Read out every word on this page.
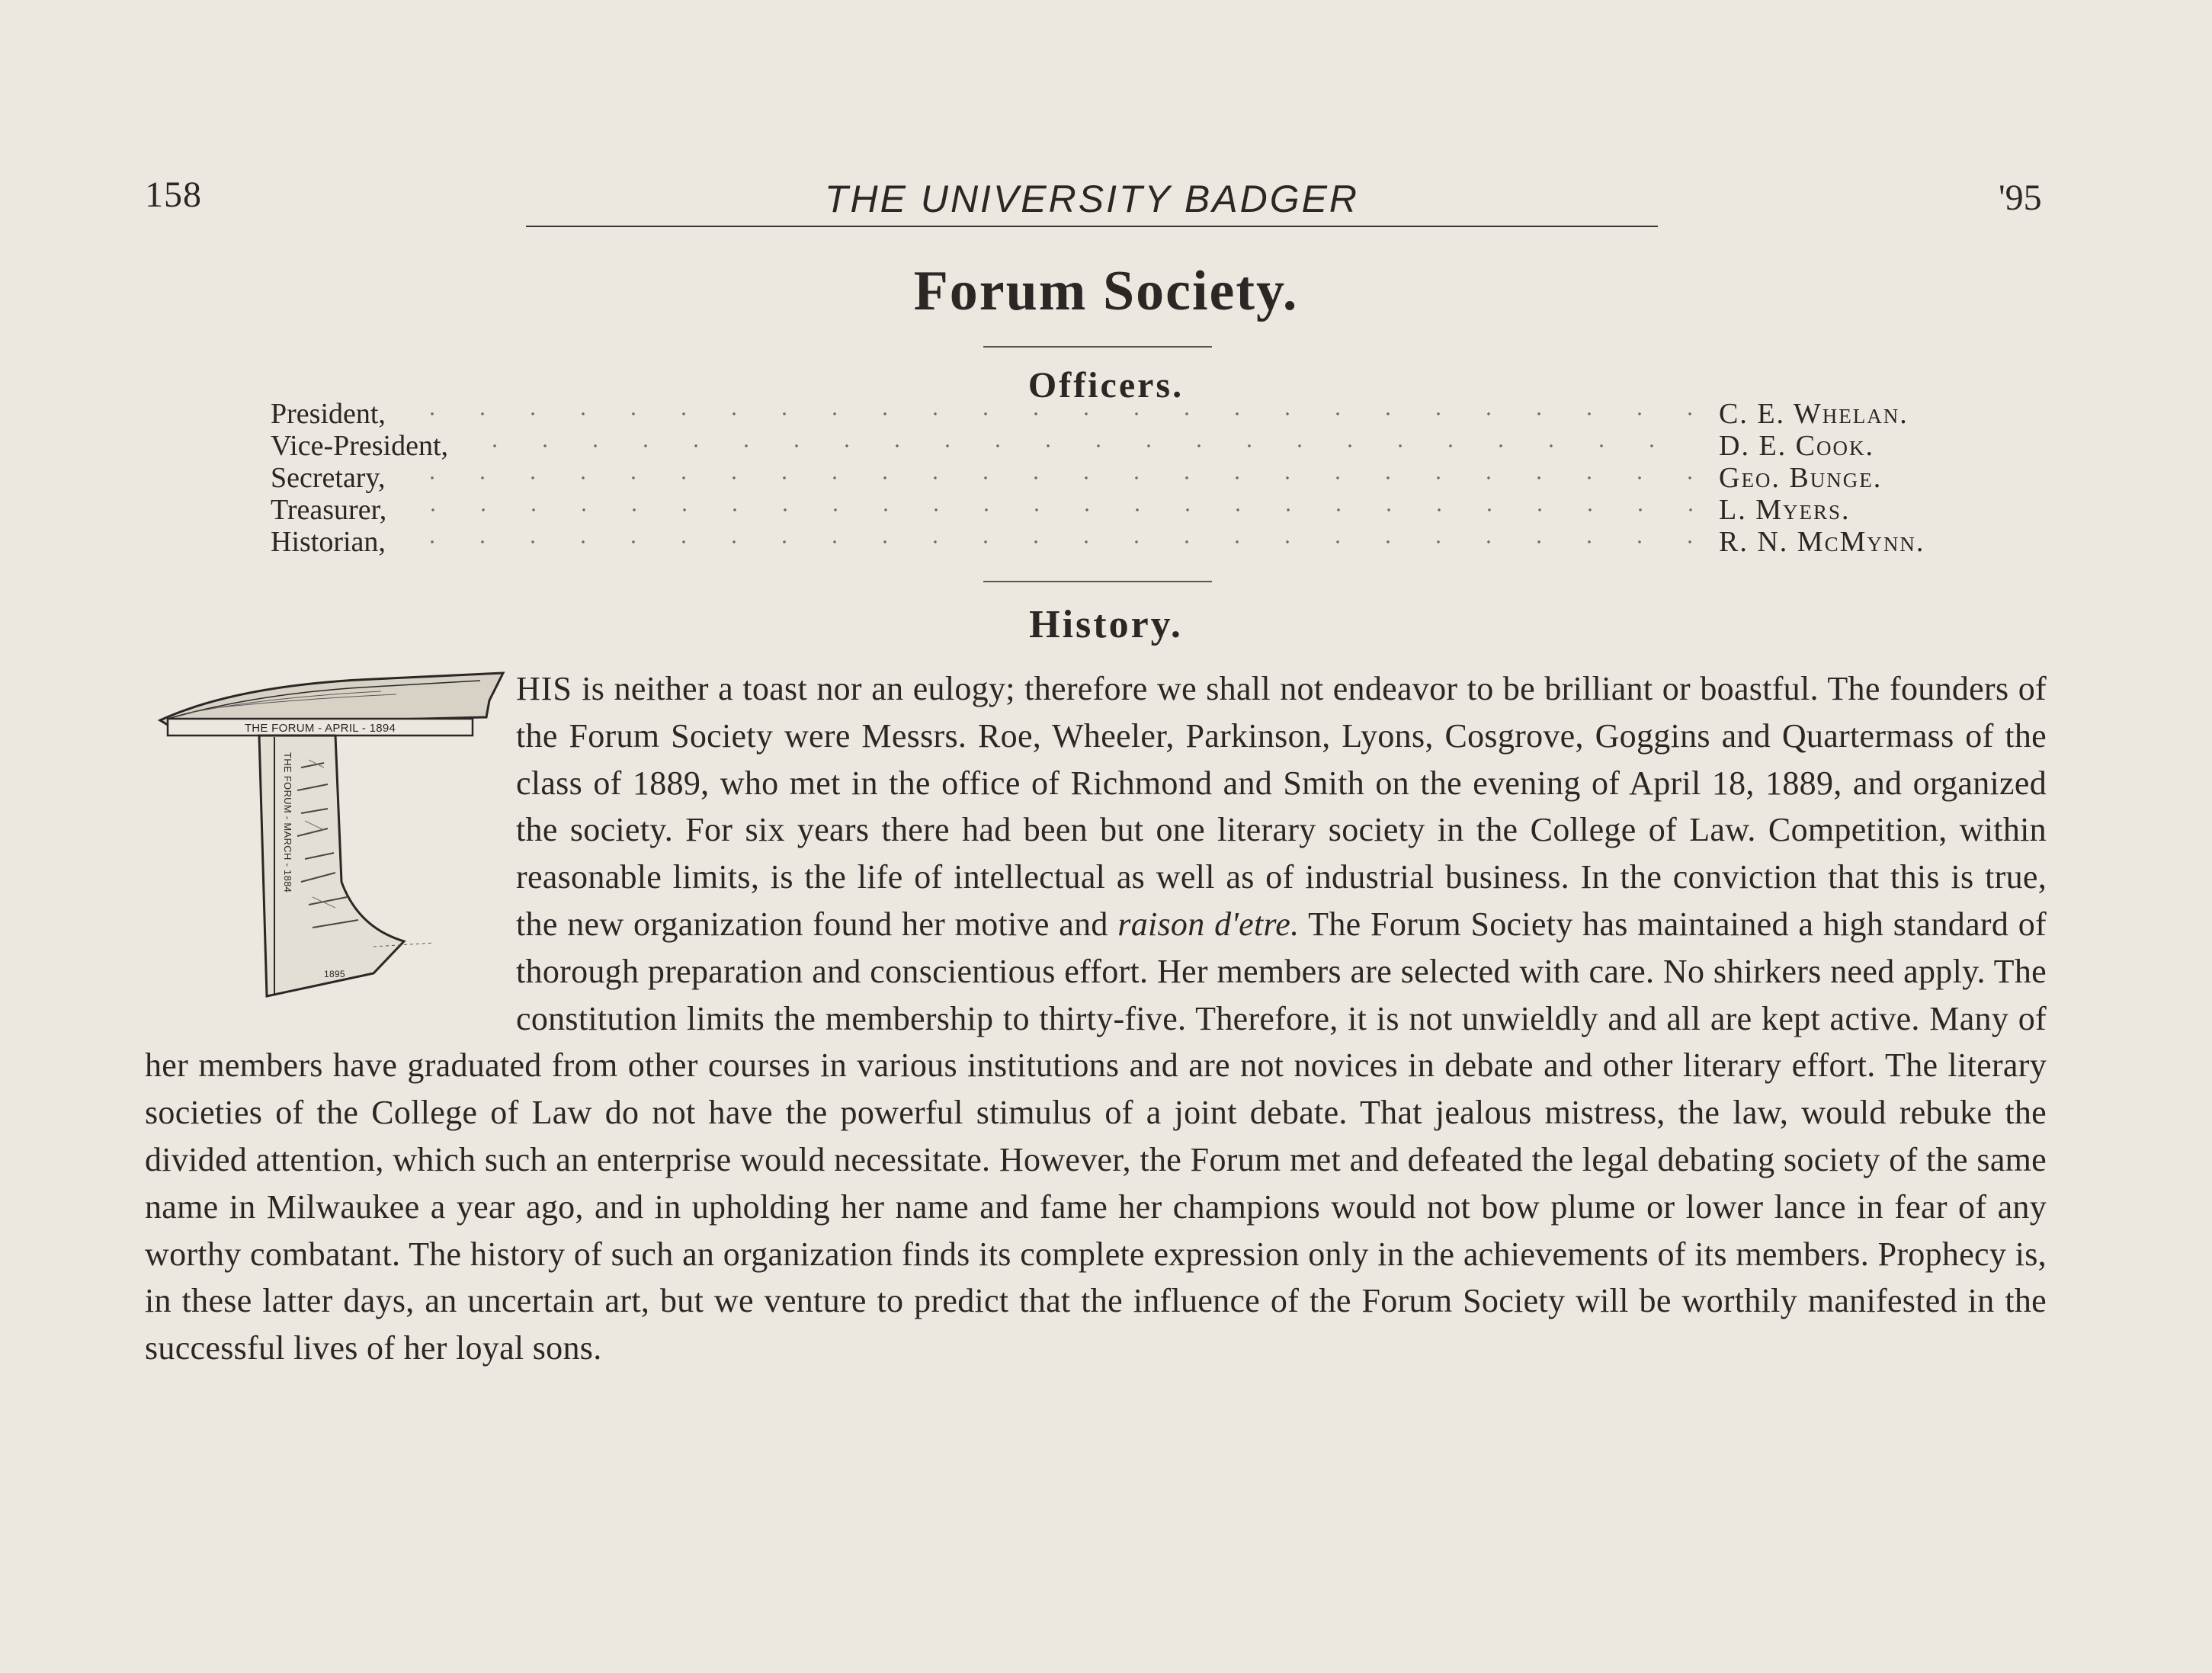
158	THE UNIVERSITY BADGER	'95
Forum Society.
Officers.
President,	C. E. Whelan.
Vice-President,	D. E. Cook.
Secretary,	Geo. Bunge.
Treasurer,	L. Myers.
Historian,	R. N. McMynn.
History.
THE FORUM - APRIL - 1894
THE FORUM - MARCH - 1884
1895
HIS is neither a toast nor an eulogy; therefore we shall not endeavor to be brilliant or boastful. The founders of the Forum Society were Messrs. Roe, Wheeler, Parkinson, Lyons, Cosgrove, Goggins and Quartermass of the class of 1889, who met in the office of Richmond and Smith on the evening of April 18, 1889, and organized the society. For six years there had been but one literary society in the College of Law. Competition, within reasonable limits, is the life of intellectual as well as of industrial business. In the conviction that this is true, the new organization found her motive and raison d'etre. The Forum Society has maintained a high standard of thorough preparation and conscientious effort. Her members are selected with care. No shirkers need apply. The constitution limits the membership to thirty-five. Therefore, it is not unwieldly and all are kept active. Many of her members have graduated from other courses in various institutions and are not novices in debate and other literary effort. The literary societies of the College of Law do not have the powerful stimulus of a joint debate. That jealous mistress, the law, would rebuke the divided attention, which such an enterprise would necessitate. However, the Forum met and defeated the legal debating society of the same name in Milwaukee a year ago, and in upholding her name and fame her champions would not bow plume or lower lance in fear of any worthy combatant. The history of such an organization finds its complete expression only in the achievements of its members. Prophecy is, in these latter days, an uncertain art, but we venture to predict that the influence of the Forum Society will be worthily manifested in the successful lives of her loyal sons.
